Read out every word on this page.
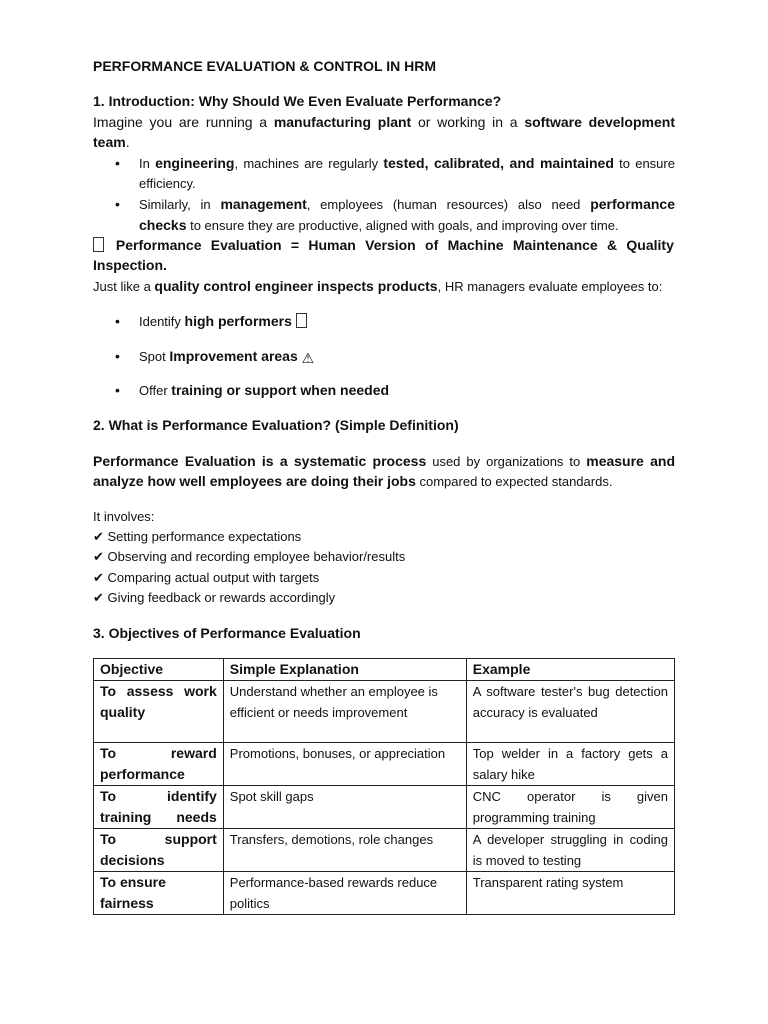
PERFORMANCE EVALUATION & CONTROL IN HRM
1. Introduction: Why Should We Even Evaluate Performance?
Imagine you are running a manufacturing plant or working in a software development
team.
• In engineering, machines are regularly tested, calibrated, and maintained to ensure
efficiency.
• Similarly, in management, employees (human resources) also need performance
checks to ensure they are productive, aligned with goals, and improving over time.
Performance Evaluation = Human Version of Machine Maintenance & Quality
Inspection.
Just like a quality control engineer inspects products, HR managers evaluate employees to:
• Identify high performers
• Spot Improvement areas ⚠
• Offer training or support when needed
2. What is Performance Evaluation? (Simple Definition)
Performance Evaluation is a systematic process used by organizations to measure and
analyze how well employees are doing their jobs compared to expected standards.
It involves:
✔ Setting performance expectations
✔ Observing and recording employee behavior/results
✔ Comparing actual output with targets
✔ Giving feedback or rewards accordingly
3. Objectives of Performance Evaluation
Objective	Simple Explanation	Example

To assess work quality	Understand whether an employee is efficient or needs improvement	A software tester's bug detection accuracy is evaluated

To reward performance	Promotions, bonuses, or appreciation	Top welder in a factory gets a salary hike

To identify training needs	Spot skill gaps	CNC operator is given programming training

To support decisions	Transfers, demotions, role changes	A developer struggling in coding is moved to testing
To ensure fairness	Performance-based rewards reduce politics	Transparent rating system
